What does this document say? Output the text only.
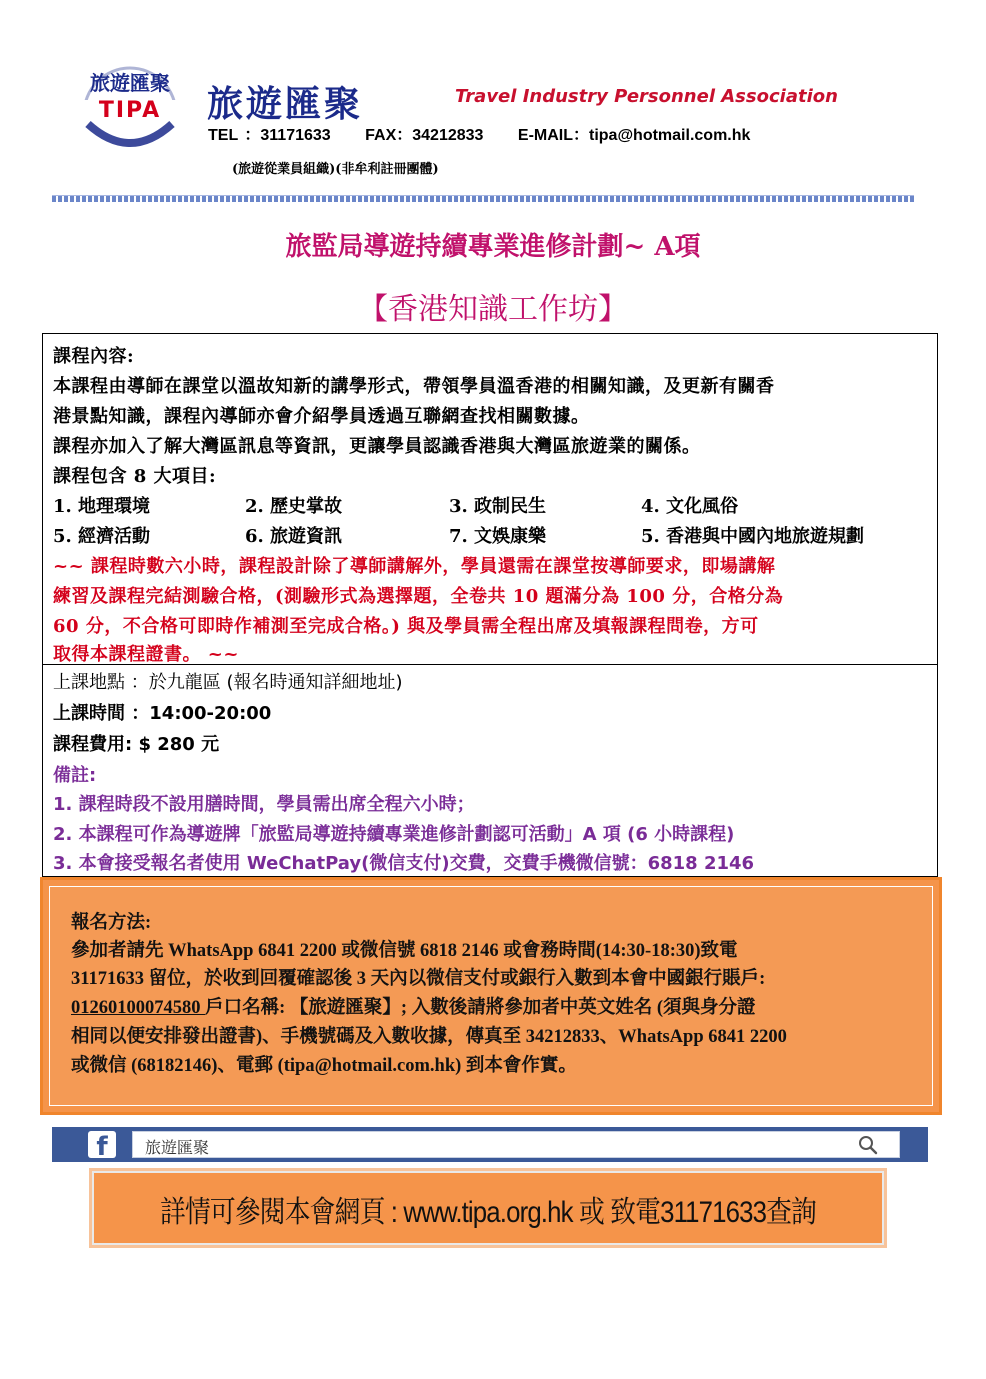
旅遊匯聚
TIPA 旅遊匯聚	Travel Industry Personnel Association
TEL ：31171633 FAX：34212833 E-MAIL：tipa@hotmail.com.hk
(旅遊從業員組織)(非牟利註冊團體)
旅監局導遊持續專業進修計劃~ A項
【香港知識工作坊】
課程內容:
本課程由導師在課堂以溫故知新的講學形式，帶領學員溫香港的相關知識，及更新有關香
港景點知識，課程內導師亦會介紹學員透過互聯網查找相關數據。
課程亦加入了解大灣區訊息等資訊，更讓學員認識香港與大灣區旅遊業的關係。
課程包含 8 大項目:
1. 地理環境	2. 歷史掌故	3. 政制民生	4. 文化風俗
5. 經濟活動	6. 旅遊資訊	7. 文娛康樂	5. 香港與中國內地旅遊規劃
~~ 課程時數六小時，課程設計除了導師講解外，學員還需在課堂按導師要求，即場講解
練習及課程完結測驗合格，(測驗形式為選擇題，全卷共 10 題滿分為 100 分，合格分為
60 分，不合格可即時作補測至完成合格。) 與及學員需全程出席及填報課程問卷，方可
取得本課程證書。 ~~
上課地點 ：於九龍區 (報名時通知詳細地址)
上課時間 ：14:00-20:00
課程費用: $ 280 元
備註:
1. 課程時段不設用膳時間，學員需出席全程六小時；
2. 本課程可作為導遊牌「旅監局導遊持續專業進修計劃認可活動」A 項 (6 小時課程)
3. 本會接受報名者使用 WeChatPay(微信支付)交費，交費手機微信號：6818 2146
報名方法:
參加者請先 WhatsApp 6841 2200 或微信號 6818 2146 或會務時間(14:30-18:30)致電
31171633 留位，於收到回覆確認後 3 天內以微信支付或銀行入數到本會中國銀行賬戶:
01260100074580 戶口名稱: 【旅遊匯聚】; 入數後請將參加者中英文姓名 (須與身分證
相同以便安排發出證書)、手機號碼及入數收據，傳真至 34212833、WhatsApp 6841 2200
或微信 (68182146)、電郵 (tipa@hotmail.com.hk) 到本會作實。
f	旅遊匯聚
詳情可參閱本會網頁 : www.tipa.org.hk 或 致電31171633查詢
